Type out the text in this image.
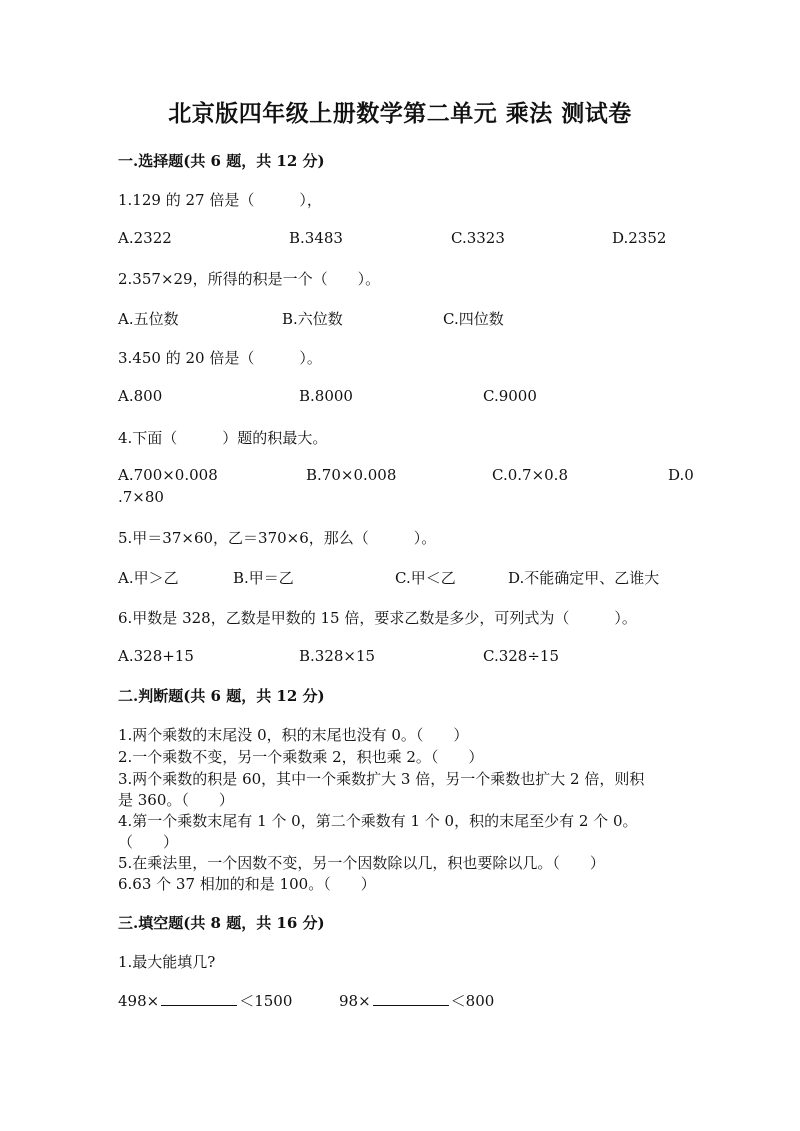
北京版四年级上册数学第二单元 乘法 测试卷
一.选择题(共 6 题，共 12 分)
1.129 的 27 倍是（　　　），
A.2322	B.3483	C.3323	D.2352
2.357×29，所得的积是一个（　　）。
A.五位数	B.六位数	C.四位数
3.450 的 20 倍是（　　　）。
A.800	B.8000	C.9000
4.下面（　　　）题的积最大。
A.700×0.008	B.70×0.008	C.0.7×0.8	D.0
.7×80
5.甲＝37×60，乙＝370×6，那么（　　　）。
A.甲＞乙	B.甲＝乙	C.甲＜乙	D.不能确定甲、乙谁大
6.甲数是 328，乙数是甲数的 15 倍，要求乙数是多少，可列式为（　　　）。
A.328+15	B.328×15	C.328÷15
二.判断题(共 6 题，共 12 分)
1.两个乘数的末尾没 0，积的末尾也没有 0。（　　）
2.一个乘数不变，另一个乘数乘 2，积也乘 2。（　　）
3.两个乘数的积是 60，其中一个乘数扩大 3 倍，另一个乘数也扩大 2 倍，则积
是 360。（　　）
4.第一个乘数末尾有 1 个 0，第二个乘数有 1 个 0，积的末尾至少有 2 个 0。
（　　）
5.在乘法里，一个因数不变，另一个因数除以几，积也要除以几。（　　）
6.63 个 37 相加的和是 100。（　　）
三.填空题(共 8 题，共 16 分)
1.最大能填几?
498×	＜1500	98×	＜800
